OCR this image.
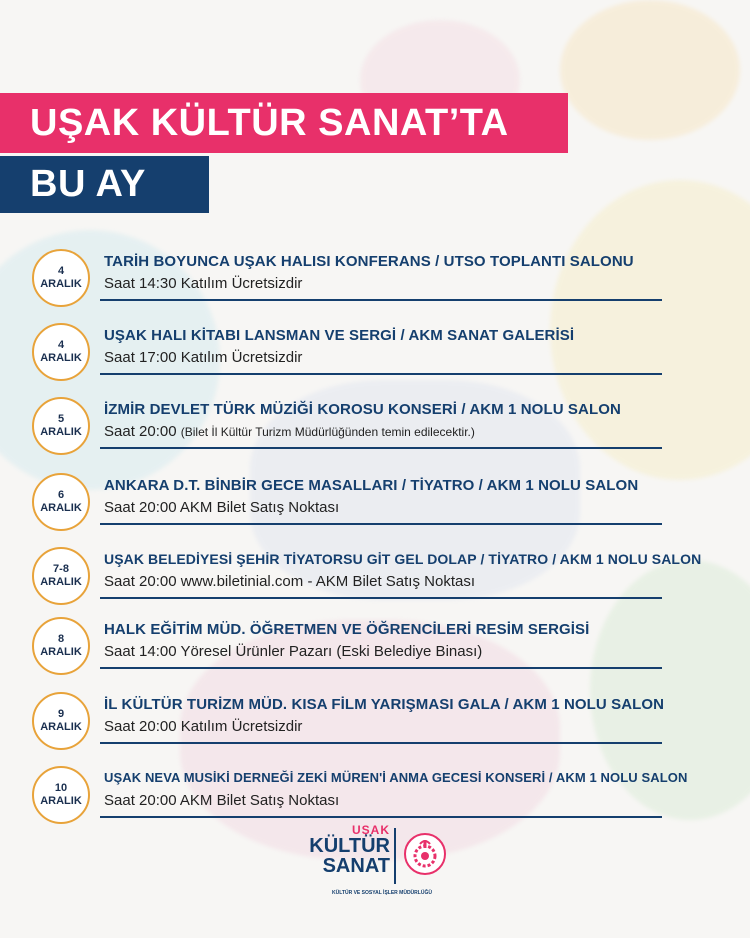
UŞAK KÜLTÜR SANAT’TA
BU AY
4
ARALIK
TARİH BOYUNCA UŞAK HALISI KONFERANS / UTSO TOPLANTI SALONU
Saat 14:30 Katılım Ücretsizdir
4
ARALIK
UŞAK HALI KİTABI LANSMAN VE SERGİ / AKM SANAT GALERİSİ
Saat 17:00 Katılım Ücretsizdir
5
ARALIK
İZMİR DEVLET TÜRK MÜZİĞİ KOROSU KONSERİ / AKM 1 NOLU SALON
Saat 20:00 (Bilet İl Kültür Turizm Müdürlüğünden temin edilecektir.)
6
ARALIK
ANKARA D.T. BİNBİR GECE MASALLARI / TİYATRO / AKM 1 NOLU SALON
Saat 20:00 AKM Bilet Satış Noktası
7-8
ARALIK
UŞAK BELEDİYESİ ŞEHİR TİYATORSU GİT GEL DOLAP / TİYATRO / AKM 1 NOLU SALON
Saat 20:00 www.biletinial.com - AKM Bilet Satış Noktası
8
ARALIK
HALK EĞİTİM MÜD. ÖĞRETMEN VE ÖĞRENCİLERİ RESİM SERGİSİ
Saat 14:00 Yöresel Ürünler Pazarı (Eski Belediye Binası)
9
ARALIK
İL KÜLTÜR TURİZM MÜD. KISA FİLM YARIŞMASI GALA / AKM 1 NOLU SALON
Saat 20:00 Katılım Ücretsizdir
10
ARALIK
UŞAK NEVA MUSİKİ DERNEĞİ ZEKİ MÜREN'İ ANMA GECESİ KONSERİ / AKM 1 NOLU SALON
Saat 20:00 AKM Bilet Satış Noktası
UŞAK
KÜLTÜR
SANAT
KÜLTÜR VE SOSYAL İŞLER MÜDÜRLÜĞÜ
